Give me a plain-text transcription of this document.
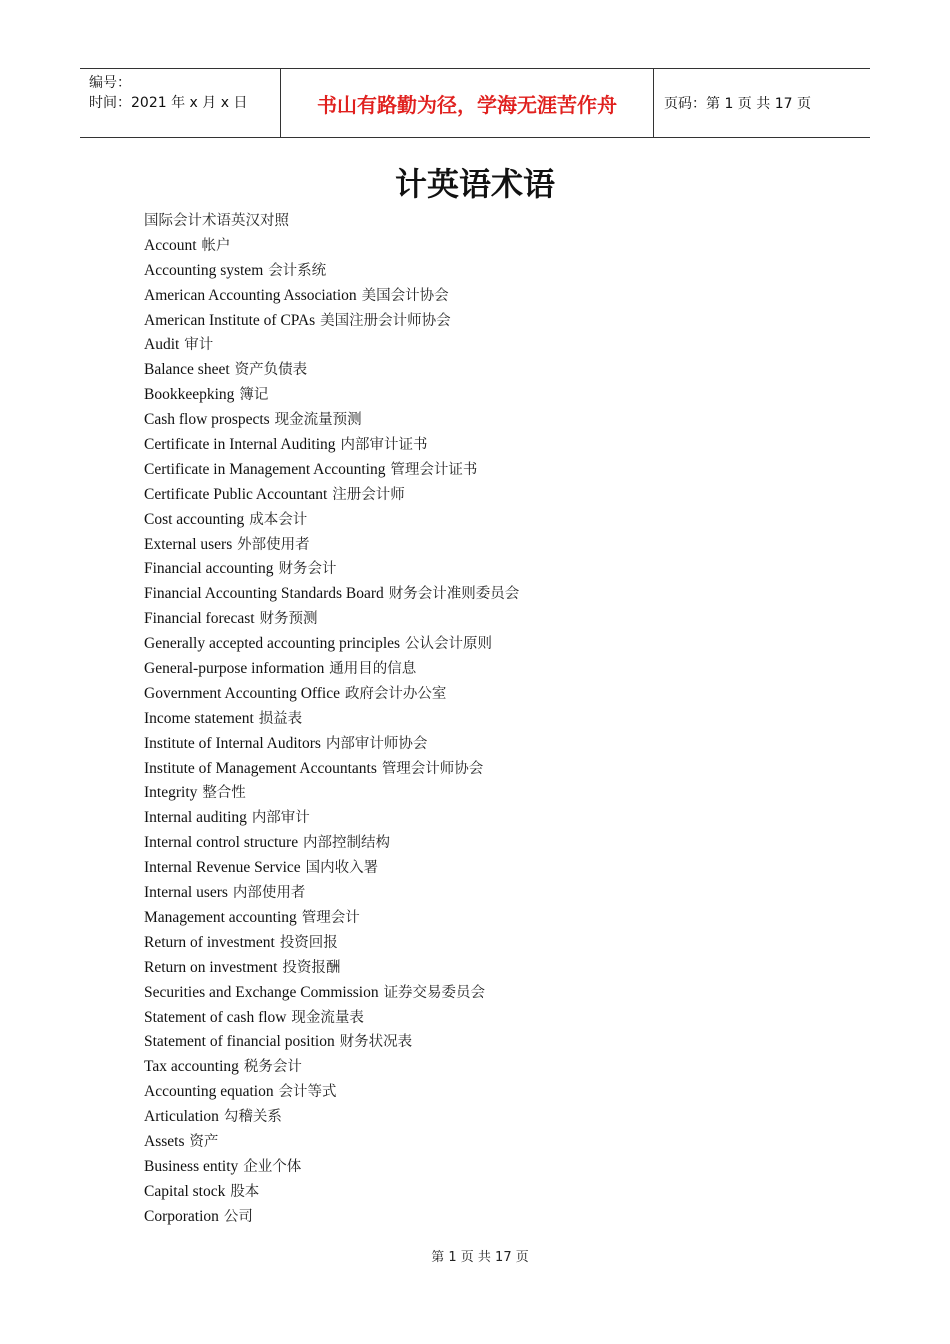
编号：
时间：2021 年 x 月 x 日	书山有路勤为径，学海无涯苦作舟	页码：第 1 页 共 17 页
计英语术语
国际会计术语英汉对照
Account 帐户
Accounting system 会计系统
American Accounting Association 美国会计协会
American Institute of CPAs 美国注册会计师协会
Audit 审计
Balance sheet 资产负债表
Bookkeepking 簿记
Cash flow prospects 现金流量预测
Certificate in Internal Auditing 内部审计证书
Certificate in Management Accounting 管理会计证书
Certificate Public Accountant 注册会计师
Cost accounting 成本会计
External users 外部使用者
Financial accounting 财务会计
Financial Accounting Standards Board 财务会计准则委员会
Financial forecast 财务预测
Generally accepted accounting principles 公认会计原则
General-purpose information 通用目的信息
Government Accounting Office 政府会计办公室
Income statement 损益表
Institute of Internal Auditors 内部审计师协会
Institute of Management Accountants 管理会计师协会
Integrity 整合性
Internal auditing 内部审计
Internal control structure 内部控制结构
Internal Revenue Service 国内收入署
Internal users 内部使用者
Management accounting 管理会计
Return of investment 投资回报
Return on investment 投资报酬
Securities and Exchange Commission 证券交易委员会
Statement of cash flow 现金流量表
Statement of financial position 财务状况表
Tax accounting 税务会计
Accounting equation 会计等式
Articulation 勾稽关系
Assets 资产
Business entity 企业个体
Capital stock 股本
Corporation 公司
第 1 页 共 17 页
